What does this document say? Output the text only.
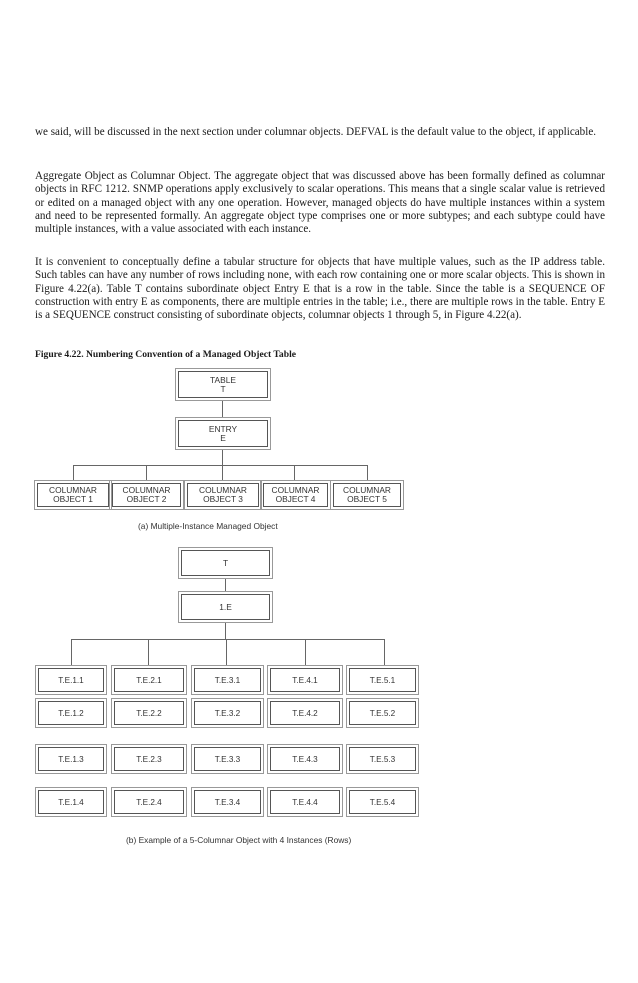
we said, will be discussed in the next section under columnar objects. DEFVAL is the default value to the object, if applicable.

Aggregate Object as Columnar Object. The aggregate object that was discussed above has been formally defined as columnar objects in RFC 1212. SNMP operations apply exclusively to scalar operations. This means that a single scalar value is retrieved or edited on a managed object with any one operation. However, managed objects do have multiple instances within a system and need to be represented formally. An aggregate object type comprises one or more subtypes; and each subtype could have multiple instances, with a value associated with each instance.

It is convenient to conceptually define a tabular structure for objects that have multiple values, such as the IP address table. Such tables can have any number of rows including none, with each row containing one or more scalar objects. This is shown in Figure 4.22(a). Table T contains subordinate object Entry E that is a row in the table. Since the table is a SEQUENCE OF construction with entry E as components, there are multiple entries in the table; i.e., there are multiple rows in the table. Entry E is a SEQUENCE construct consisting of subordinate objects, columnar objects 1 through 5, in Figure 4.22(a).

Figure 4.22. Numbering Convention of a Managed Object Table

TABLE
T
ENTRY
E
COLUMNAR
OBJECT 1
COLUMNAR
OBJECT 2
COLUMNAR
OBJECT 3
COLUMNAR
OBJECT 4
COLUMNAR
OBJECT 5
(a) Multiple-Instance Managed Object
T
1.E
T.E.1.1	T.E.2.1	T.E.3.1	T.E.4.1	T.E.5.1
T.E.1.2	T.E.2.2	T.E.3.2	T.E.4.2	T.E.5.2
T.E.1.3	T.E.2.3	T.E.3.3	T.E.4.3	T.E.5.3
T.E.1.4	T.E.2.4	T.E.3.4	T.E.4.4	T.E.5.4
(b) Example of a 5-Columnar Object with 4 Instances (Rows)
